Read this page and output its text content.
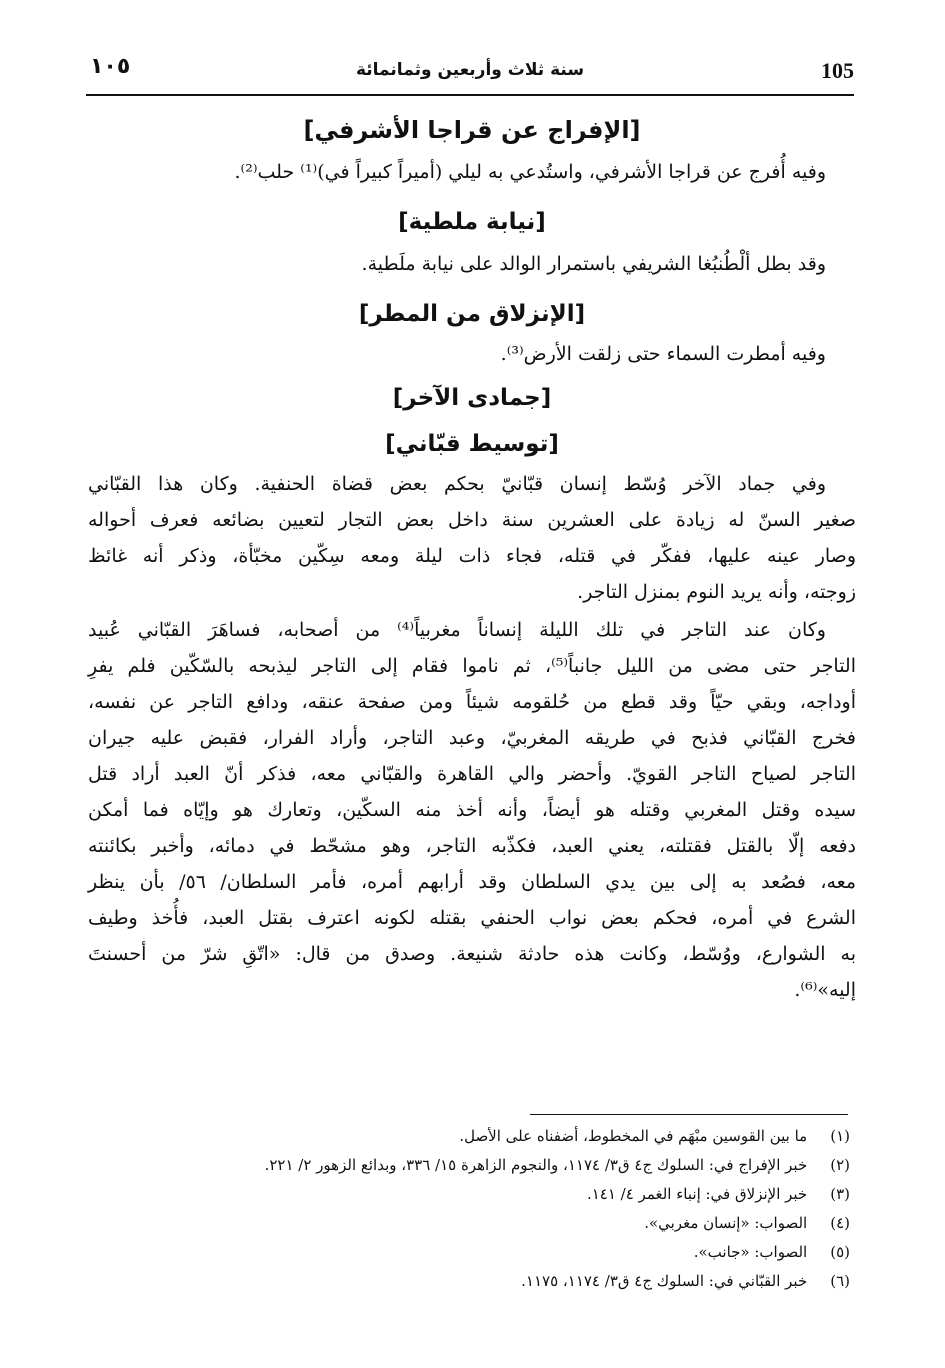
105
سنة ثلاث وأربعين وثمانمائة
١٠٥
[الإفراج عن قراجا الأشرفي]

وفيه أُفرج عن قراجا الأشرفي، واستُدعي به ليلي (أميراً كبيراً في)⁽¹⁾ حلب⁽²⁾.

[نيابة ملطية]

وقد بطل ألْطُنبُغا الشريفي باستمرار الوالد على نيابة ملَطية.

[الإنزلاق من المطر]

وفيه أمطرت السماء حتى زلقت الأرض⁽³⁾.

[جمادى الآخر]
[توسيط قبّاني]

وفي جماد الآخر وُسّط إنسان قبّانيّ بحكم بعض قضاة الحنفية. وكان هذا القبّاني

صغير السنّ له زيادة على العشرين سنة داخل بعض التجار لتعيين بضائعه فعرف أحواله

وصار عينه عليها، ففكّر في قتله، فجاء ذات ليلة ومعه سِكّين مخبّأة، وذكر أنه غائظ

زوجته، وأنه يريد النوم بمنزل التاجر.

وكان عند التاجر في تلك الليلة إنساناً مغربياً⁽⁴⁾ من أصحابه، فساهَرَ القبّاني عُبيد

التاجر حتى مضى من الليل جانباً⁽⁵⁾، ثم ناموا فقام إلى التاجر ليذبحه بالسّكّين فلم يفرِ

أوداجه، وبقي حيّاً وقد قطع من حُلقومه شيئاً ومن صفحة عنقه، ودافع التاجر عن نفسه،

فخرج القبّاني فذبح في طريقه المغربيّ، وعبد التاجر، وأراد الفرار، فقبض عليه جيران

التاجر لصياح التاجر القويّ. وأحضر والي القاهرة والقبّاني معه، فذكر أنّ العبد أراد قتل

سيده وقتل المغربي وقتله هو أيضاً، وأنه أخذ منه السكّين، وتعارك هو وإيّاه فما أمكن

دفعه إلّا بالقتل فقتلته، يعني العبد، فكذّبه التاجر، وهو مشحّط في دمائه، وأخبر بكائنته

معه، فصُعد به إلى بين يدي السلطان وقد أرابهم أمره، فأمر السلطان/ ٥٦/ بأن ينظر

الشرع في أمره، فحكم بعض نواب الحنفي بقتله لكونه اعترف بقتل العبد، فأُخذ وطيف

به الشوارع، ووُسّط، وكانت هذه حادثة شنيعة. وصدق من قال: «اتّقِ شرّ من أحسنتَ

إليه»⁽⁶⁾.

(١) ما بين القوسين مبْهَم في المخطوط، أضفناه على الأصل.
(٢) خبر الإفراج في: السلوك ج٤ ق٣/ ١١٧٤، والنجوم الزاهرة ١٥/ ٣٣٦، وبدائع الزهور ٢/ ٢٢١.
(٣) خبر الإنزلاق في: إنباء الغمر ٤/ ١٤١.
(٤) الصواب: «إنسان مغربي».
(٥) الصواب: «جانب».
(٦) خبر القبّاني في: السلوك ج٤ ق٣/ ١١٧٤، ١١٧٥.
